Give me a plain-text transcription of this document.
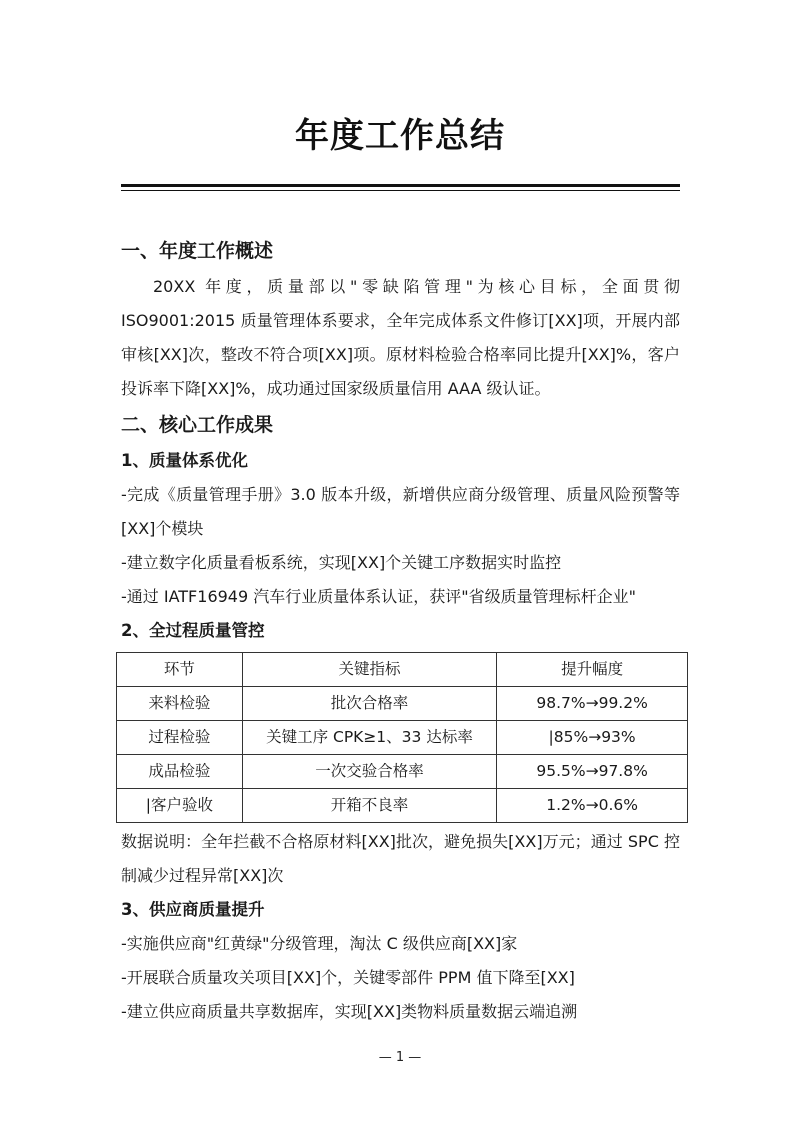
年度工作总结
一、年度工作概述

20XX 年度，质量部以"零缺陷管理"为核心目标，全面贯彻 ISO9001:2015 质量管理体系要求，全年完成体系文件修订[XX]项，开展内部审核[XX]次，整改不符合项[XX]项。原材料检验合格率同比提升[XX]%，客户投诉率下降[XX]%，成功通过国家级质量信用 AAA 级认证。

二、核心工作成果
1、质量体系优化

-完成《质量管理手册》3.0 版本升级，新增供应商分级管理、质量风险预警等[XX]个模块

-建立数字化质量看板系统，实现[XX]个关键工序数据实时监控

-通过 IATF16949 汽车行业质量体系认证，获评"省级质量管理标杆企业"

2、全过程质量管控
环节	关键指标	提升幅度
来料检验	批次合格率	98.7%→99.2%
过程检验	关键工序 CPK≥1、33 达标率	|85%→93%
成品检验	一次交验合格率	95.5%→97.8%
|客户验收	开箱不良率	1.2%→0.6%

数据说明：全年拦截不合格原材料[XX]批次，避免损失[XX]万元；通过 SPC 控制减少过程异常[XX]次

3、供应商质量提升

-实施供应商"红黄绿"分级管理，淘汰 C 级供应商[XX]家

-开展联合质量攻关项目[XX]个，关键零部件 PPM 值下降至[XX]

-建立供应商质量共享数据库，实现[XX]类物料质量数据云端追溯

— 1 —
